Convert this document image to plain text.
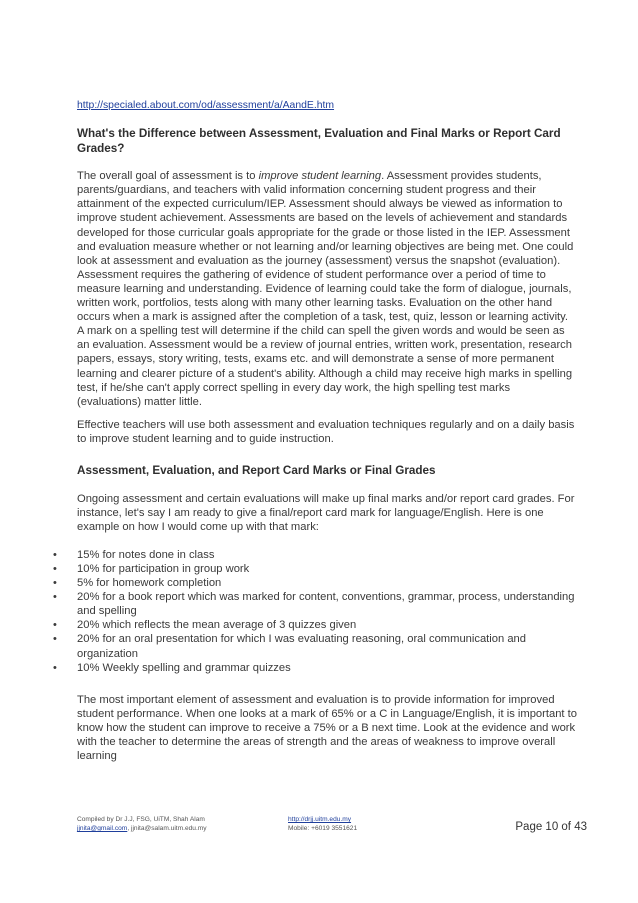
http://specialed.about.com/od/assessment/a/AandE.htm
What's the Difference between Assessment, Evaluation and Final Marks or Report Card Grades?

The overall goal of assessment is to improve student learning. Assessment provides students, parents/guardians, and teachers with valid information concerning student progress and their attainment of the expected curriculum/IEP. Assessment should always be viewed as information to improve student achievement. Assessments are based on the levels of achievement and standards developed for those curricular goals appropriate for the grade or those listed in the IEP. Assessment and evaluation measure whether or not learning and/or learning objectives are being met. One could look at assessment and evaluation as the journey (assessment) versus the snapshot (evaluation). Assessment requires the gathering of evidence of student performance over a period of time to measure learning and understanding. Evidence of learning could take the form of dialogue, journals, written work, portfolios, tests along with many other learning tasks. Evaluation on the other hand occurs when a mark is assigned after the completion of a task, test, quiz, lesson or learning activity. A mark on a spelling test will determine if the child can spell the given words and would be seen as an evaluation. Assessment would be a review of journal entries, written work, presentation, research papers, essays, story writing, tests, exams etc. and will demonstrate a sense of more permanent learning and clearer picture of a student's ability. Although a child may receive high marks in spelling test, if he/she can't apply correct spelling in every day work, the high spelling test marks (evaluations) matter little.

Effective teachers will use both assessment and evaluation techniques regularly and on a daily basis to improve student learning and to guide instruction.

Assessment, Evaluation, and Report Card Marks or Final Grades

Ongoing assessment and certain evaluations will make up final marks and/or report card grades. For instance, let's say I am ready to give a final/report card mark for language/English. Here is one example on how I would come up with that mark:

• 15% for notes done in class
• 10% for participation in group work
• 5% for homework completion
• 20% for a book report which was marked for content, conventions, grammar, process, understanding and spelling
• 20% which reflects the mean average of 3 quizzes given
• 20% for an oral presentation for which I was evaluating reasoning, oral communication and organization
• 10% Weekly spelling and grammar quizzes

The most important element of assessment and evaluation is to provide information for improved student performance. When one looks at a mark of 65% or a C in Language/English, it is important to know how the student can improve to receive a 75% or a B next time. Look at the evidence and work with the teacher to determine the areas of strength and the areas of weakness to improve overall learning

Compiled by Dr J.J, FSG, UiTM, Shah Alam
jjnita@gmail.com, jjnita@salam.uitm.edu.my
http://drjj.uitm.edu.my
Mobile: +6019 3551621	Page 10 of 43
